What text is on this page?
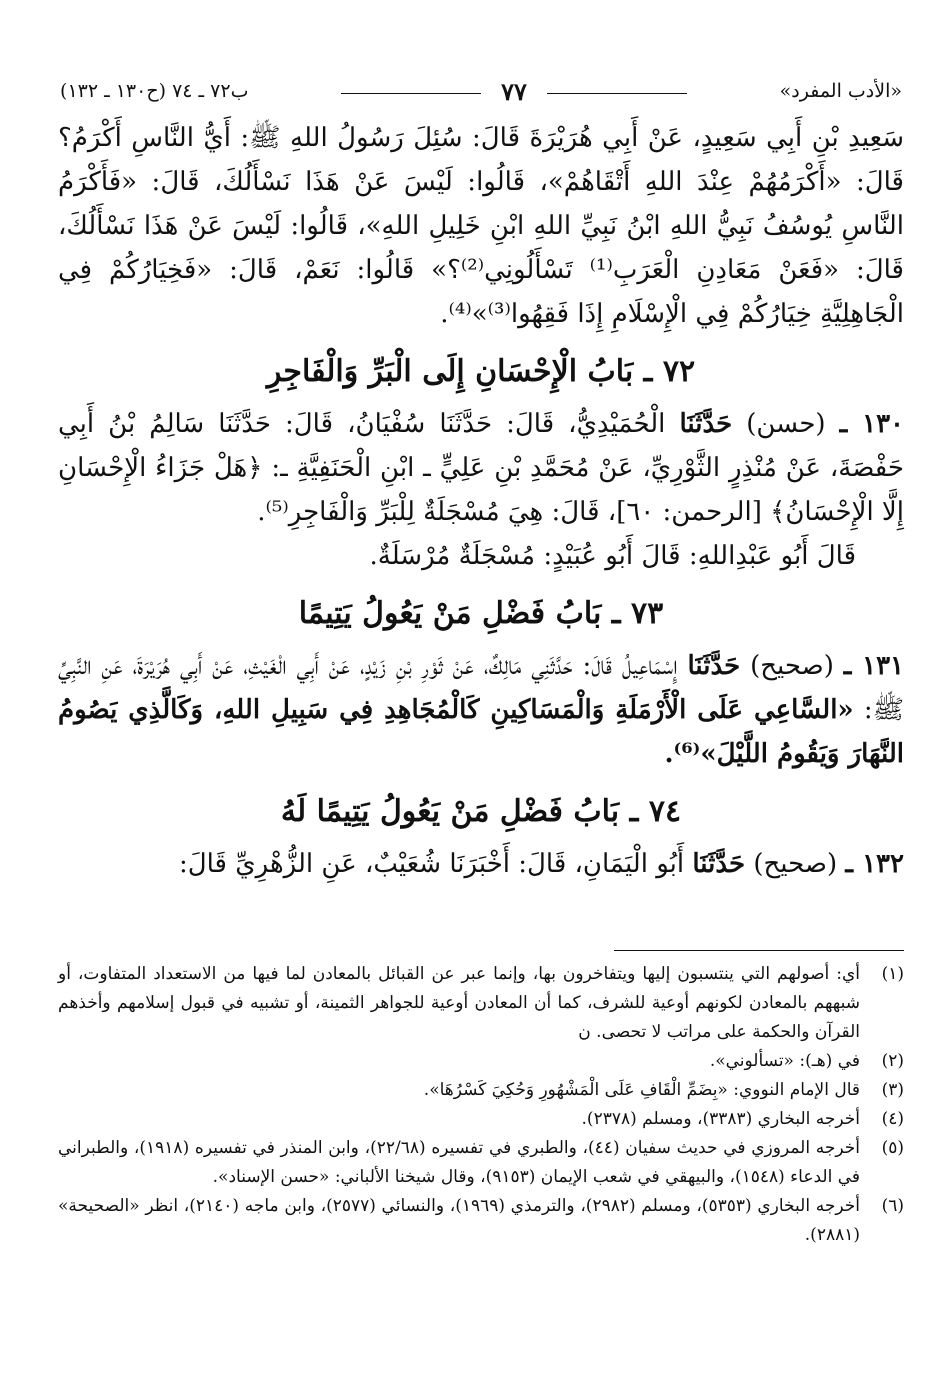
«الأدب المفرد»
٧٧
ب٧٢ ـ ٧٤ (ح١٣٠ ـ ١٣٢)

سَعِيدِ بْنِ أَبِي سَعِيدٍ، عَنْ أَبِي هُرَيْرَةَ قَالَ: سُئِلَ رَسُولُ اللهِ ﷺ: أَيُّ النَّاسِ أَكْرَمُ؟ قَالَ: «أَكْرَمُهُمْ عِنْدَ اللهِ أَتْقَاهُمْ»، قَالُوا: لَيْسَ عَنْ هَذَا نَسْأَلُكَ، قَالَ: «فَأَكْرَمُ النَّاسِ يُوسُفُ نَبِيُّ اللهِ ابْنُ نَبِيِّ اللهِ ابْنِ خَلِيلِ اللهِ»، قَالُوا: لَيْسَ عَنْ هَذَا نَسْأَلُكَ، قَالَ: «فَعَنْ مَعَادِنِ الْعَرَبِ⁽¹⁾ تَسْأَلُونِي⁽²⁾؟» قَالُوا: نَعَمْ، قَالَ: «فَخِيَارُكُمْ فِي الْجَاهِلِيَّةِ خِيَارُكُمْ فِي الْإِسْلَامِ إِذَا فَقِهُوا⁽³⁾»⁽⁴⁾.

٧٢ ـ بَابُ الْإِحْسَانِ إِلَى الْبَرِّ وَالْفَاجِرِ

١٣٠ ـ (حسن) حَدَّثَنَا الْحُمَيْدِيُّ، قَالَ: حَدَّثَنَا سُفْيَانُ، قَالَ: حَدَّثَنَا سَالِمُ بْنُ أَبِي حَفْصَةَ، عَنْ مُنْذِرٍ الثَّوْرِيِّ، عَنْ مُحَمَّدِ بْنِ عَلِيٍّ ـ ابْنِ الْحَنَفِيَّةِ ـ: ﴿هَلْ جَزَاءُ الْإِحْسَانِ إِلَّا الْإِحْسَانُ﴾ [الرحمن: ٦٠]، قَالَ: هِيَ مُسْجَلَةٌ لِلْبَرِّ وَالْفَاجِرِ⁽⁵⁾.

قَالَ أَبُو عَبْدِاللهِ: قَالَ أَبُو عُبَيْدٍ: مُسْجَلَةٌ مُرْسَلَةٌ.

٧٣ ـ بَابُ فَضْلِ مَنْ يَعُولُ يَتِيمًا

١٣١ ـ (صحيح) حَدَّثَنَا إِسْمَاعِيلُ قَالَ: حَدَّثَنِي مَالِكٌ، عَنْ ثَوْرِ بْنِ زَيْدٍ، عَنْ أَبِي الْغَيْثِ، عَنْ أَبِي هُرَيْرَةَ، عَنِ النَّبِيِّ ﷺ: «السَّاعِي عَلَى الْأَرْمَلَةِ وَالْمَسَاكِينِ كَالْمُجَاهِدِ فِي سَبِيلِ اللهِ، وَكَالَّذِي يَصُومُ النَّهَارَ وَيَقُومُ اللَّيْلَ»⁽⁶⁾.

٧٤ ـ بَابُ فَضْلِ مَنْ يَعُولُ يَتِيمًا لَهُ

١٣٢ ـ (صحيح) حَدَّثَنَا أَبُو الْيَمَانِ، قَالَ: أَخْبَرَنَا شُعَيْبٌ، عَنِ الزُّهْرِيِّ قَالَ:

(١)
أي: أصولهم التي ينتسبون إليها ويتفاخرون بها، وإنما عبر عن القبائل بالمعادن لما فيها من الاستعداد المتفاوت، أو شبههم بالمعادن لكونهم أوعية للشرف، كما أن المعادن أوعية للجواهر الثمينة، أو تشبيه في قبول إسلامهم وأخذهم القرآن والحكمة على مراتب لا تحصى. ن
(٢)
في (هـ): «تسألوني».
(٣)
قال الإمام النووي: «بِضَمِّ الْقَافِ عَلَى الْمَشْهُورِ وَحُكِيَ كَسْرُهَا».
(٤)
أخرجه البخاري (٣٣٨٣)، ومسلم (٢٣٧٨).
(٥)
أخرجه المروزي في حديث سفيان (٤٤)، والطبري في تفسيره (٢٢/٦٨)، وابن المنذر في تفسيره (١٩١٨)، والطبراني في الدعاء (١٥٤٨)، والبيهقي في شعب الإيمان (٩١٥٣)، وقال شيخنا الألباني: «حسن الإسناد».
(٦)
أخرجه البخاري (٥٣٥٣)، ومسلم (٢٩٨٢)، والترمذي (١٩٦٩)، والنسائي (٢٥٧٧)، وابن ماجه (٢١٤٠)، انظر «الصحيحة» (٢٨٨١).
